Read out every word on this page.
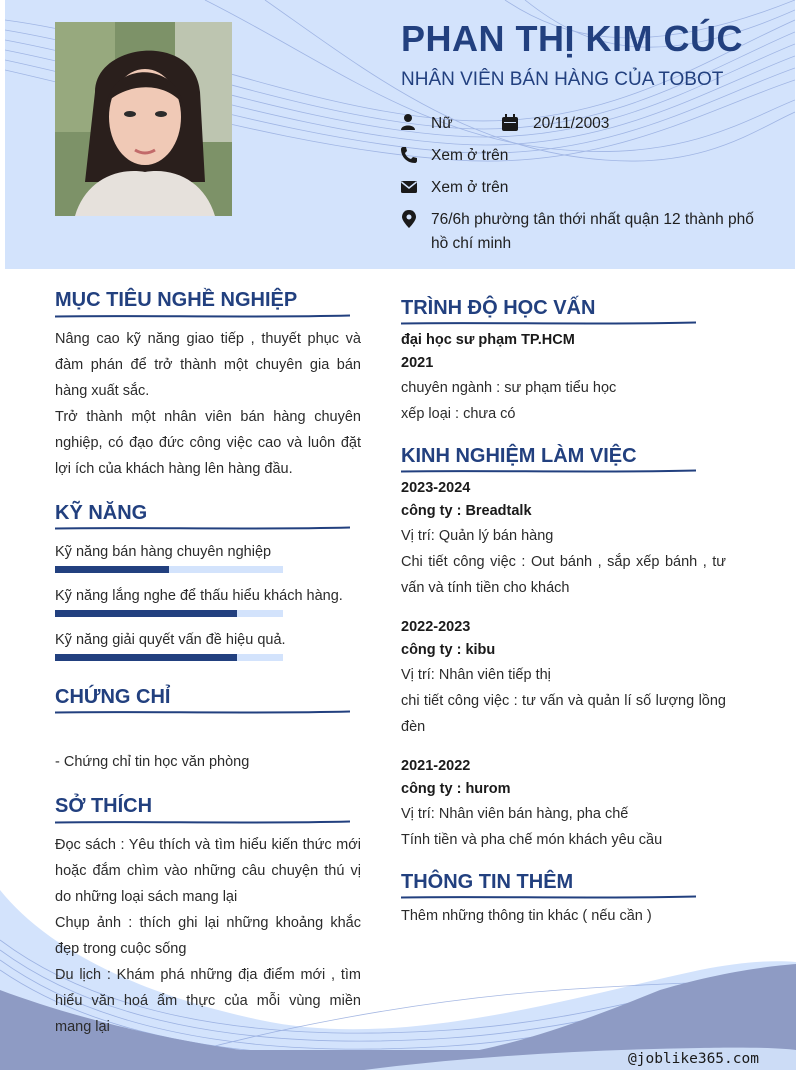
PHAN THỊ KIM CÚC
NHÂN VIÊN BÁN HÀNG CỦA TOBOT
Nữ	20/11/2003
Xem ở trên
Xem ở trên
76/6h phường tân thới nhất quận 12 thành phố
hồ chí minh
MỤC TIÊU NGHỀ NGHIỆP
Nâng cao kỹ năng giao tiếp , thuyết phục và đàm phán để trở thành một chuyên gia bán hàng xuất sắc.
Trở thành một nhân viên bán hàng chuyên nghiệp, có đạo đức công việc cao và luôn đặt lợi ích của khách hàng lên hàng đầu.
KỸ NĂNG
Kỹ năng bán hàng chuyên nghiệp
Kỹ năng lắng nghe để thấu hiểu khách hàng.
Kỹ năng giải quyết vấn đề hiệu quả.
CHỨNG CHỈ
- Chứng chỉ tin học văn phòng
SỞ THÍCH
Đọc sách : Yêu thích và tìm hiểu kiến thức mới hoặc đắm chìm vào những câu chuyện thú vị do những loại sách mang lại
Chụp ảnh : thích ghi lại những khoảng khắc đẹp trong cuộc sống
Du lịch : Khám phá những địa điểm mới , tìm hiểu văn hoá ẩm thực của mỗi vùng miền mang lại
TRÌNH ĐỘ HỌC VẤN
đại học sư phạm TP.HCM
2021
chuyên ngành : sư phạm tiểu học
xếp loại : chưa có
KINH NGHIỆM LÀM VIỆC
2023-2024
công ty : Breadtalk
Vị trí: Quản lý bán hàng
Chi tiết công việc : Out bánh , sắp xếp bánh , tư vấn và tính tiền cho khách
2022-2023
công ty : kibu
Vị trí: Nhân viên tiếp thị
chi tiết công việc : tư vấn và quản lí số lượng lồng đèn
2021-2022
công ty : hurom
Vị trí: Nhân viên bán hàng, pha chế
Tính tiền và pha chế món khách yêu cầu
THÔNG TIN THÊM
Thêm những thông tin khác ( nếu cần )
@joblike365.com
